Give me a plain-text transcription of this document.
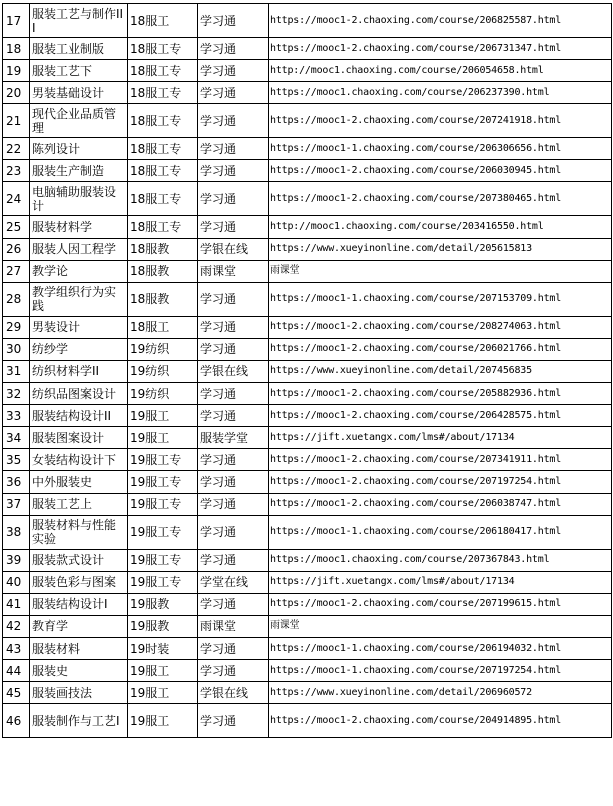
17	服装工艺与制作III	18服工	学习通	https://mooc1-2.chaoxing.com/course/206825587.html
18	服装工业制版	18服工专	学习通	https://mooc1-2.chaoxing.com/course/206731347.html
19	服装工艺下	18服工专	学习通	http://mooc1.chaoxing.com/course/206054658.html
20	男装基础设计	18服工专	学习通	https://mooc1.chaoxing.com/course/206237390.html
21	现代企业品质管理	18服工专	学习通	https://mooc1-2.chaoxing.com/course/207241918.html
22	陈列设计	18服工专	学习通	https://mooc1-1.chaoxing.com/course/206306656.html
23	服装生产制造	18服工专	学习通	https://mooc1-2.chaoxing.com/course/206030945.html
24	电脑辅助服装设计	18服工专	学习通	https://mooc1-2.chaoxing.com/course/207380465.html
25	服装材料学	18服工专	学习通	http://mooc1.chaoxing.com/course/203416550.html
26	服装人因工程学	18服教	学银在线	https://www.xueyinonline.com/detail/205615813
27	教学论	18服教	雨课堂	雨课堂
28	教学组织行为实践	18服教	学习通	https://mooc1-1.chaoxing.com/course/207153709.html
29	男装设计	18服工	学习通	https://mooc1-2.chaoxing.com/course/208274063.html
30	纺纱学	19纺织	学习通	https://mooc1-2.chaoxing.com/course/206021766.html
31	纺织材料学II	19纺织	学银在线	https://www.xueyinonline.com/detail/207456835
32	纺织品图案设计	19纺织	学习通	https://mooc1-2.chaoxing.com/course/205882936.html
33	服装结构设计II	19服工	学习通	https://mooc1-2.chaoxing.com/course/206428575.html
34	服装图案设计	19服工	服装学堂	https://jift.xuetangx.com/lms#/about/17134
35	女装结构设计下	19服工专	学习通	https://mooc1-2.chaoxing.com/course/207341911.html
36	中外服装史	19服工专	学习通	https://mooc1-2.chaoxing.com/course/207197254.html
37	服装工艺上	19服工专	学习通	https://mooc1-2.chaoxing.com/course/206038747.html
38	服装材料与性能实验	19服工专	学习通	https://mooc1-1.chaoxing.com/course/206180417.html
39	服装款式设计	19服工专	学习通	https://mooc1.chaoxing.com/course/207367843.html
40	服装色彩与图案	19服工专	学堂在线	https://jift.xuetangx.com/lms#/about/17134
41	服装结构设计I	19服教	学习通	https://mooc1-2.chaoxing.com/course/207199615.html
42	教育学	19服教	雨课堂	雨课堂
43	服装材料	19时装	学习通	https://mooc1-1.chaoxing.com/course/206194032.html
44	服装史	19服工	学习通	https://mooc1-1.chaoxing.com/course/207197254.html
45	服装画技法	19服工	学银在线	https://www.xueyinonline.com/detail/206960572
46	服装制作与工艺I	19服工	学习通	https://mooc1-2.chaoxing.com/course/204914895.html
